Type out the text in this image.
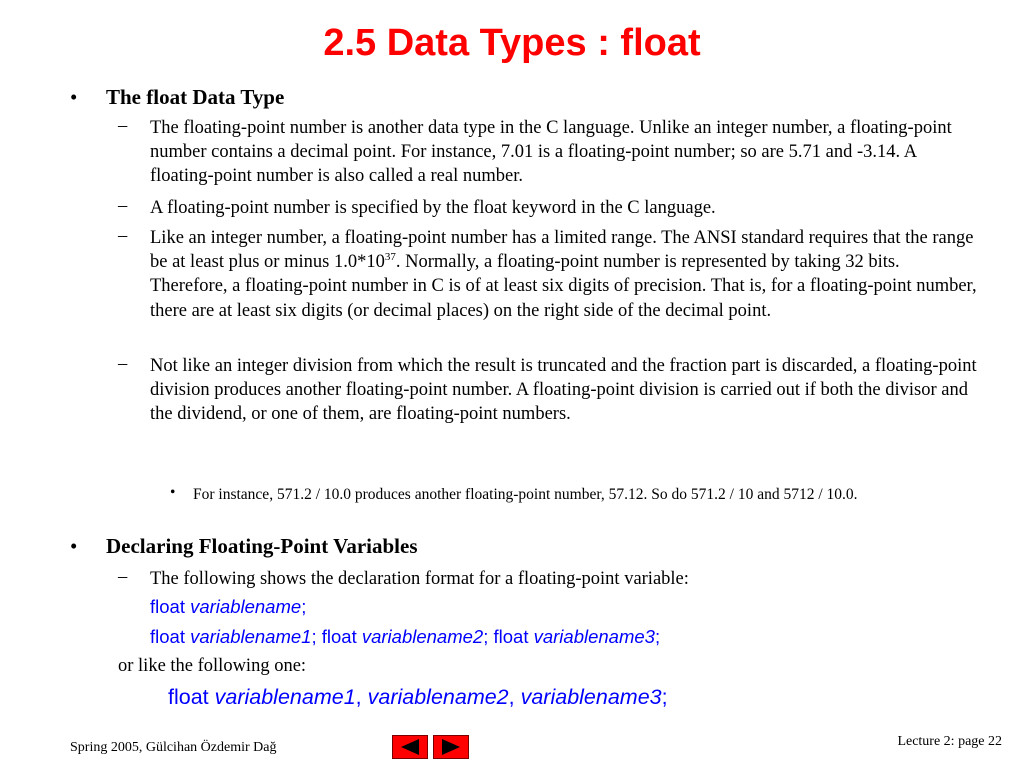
2.5 Data Types : float
• The float Data Type
– The floating-point number is another data type in the C language. Unlike an integer number, a floating-point number contains a decimal point. For instance, 7.01 is a floating-point number; so are 5.71 and -3.14. A floating-point number is also called a real number.
– A floating-point number is specified by the float keyword in the C language.
– Like an integer number, a floating-point number has a limited range. The ANSI standard requires that the range be at least plus or minus $1.0*10^{37}$. Normally, a floating-point number is represented by taking 32 bits. Therefore, a floating-point number in C is of at least six digits of precision. That is, for a floating-point number, there are at least six digits (or decimal places) on the right side of the decimal point.
– Not like an integer division from which the result is truncated and the fraction part is discarded, a floating-point division produces another floating-point number. A floating-point division is carried out if both the divisor and the dividend, or one of them, are floating-point numbers.
• For instance, 571.2 / 10.0 produces another floating-point number, 57.12. So do 571.2 / 10 and 5712 / 10.0.
• Declaring Floating-Point Variables
– The following shows the declaration format for a floating-point variable:
float variablename;
float variablename1; float variablename2; float variablename3;
or like the following one:
float variablename1, variablename2, variablename3;
Spring 2005, Gülcihan Özdemir Dağ	Lecture 2: page 22
